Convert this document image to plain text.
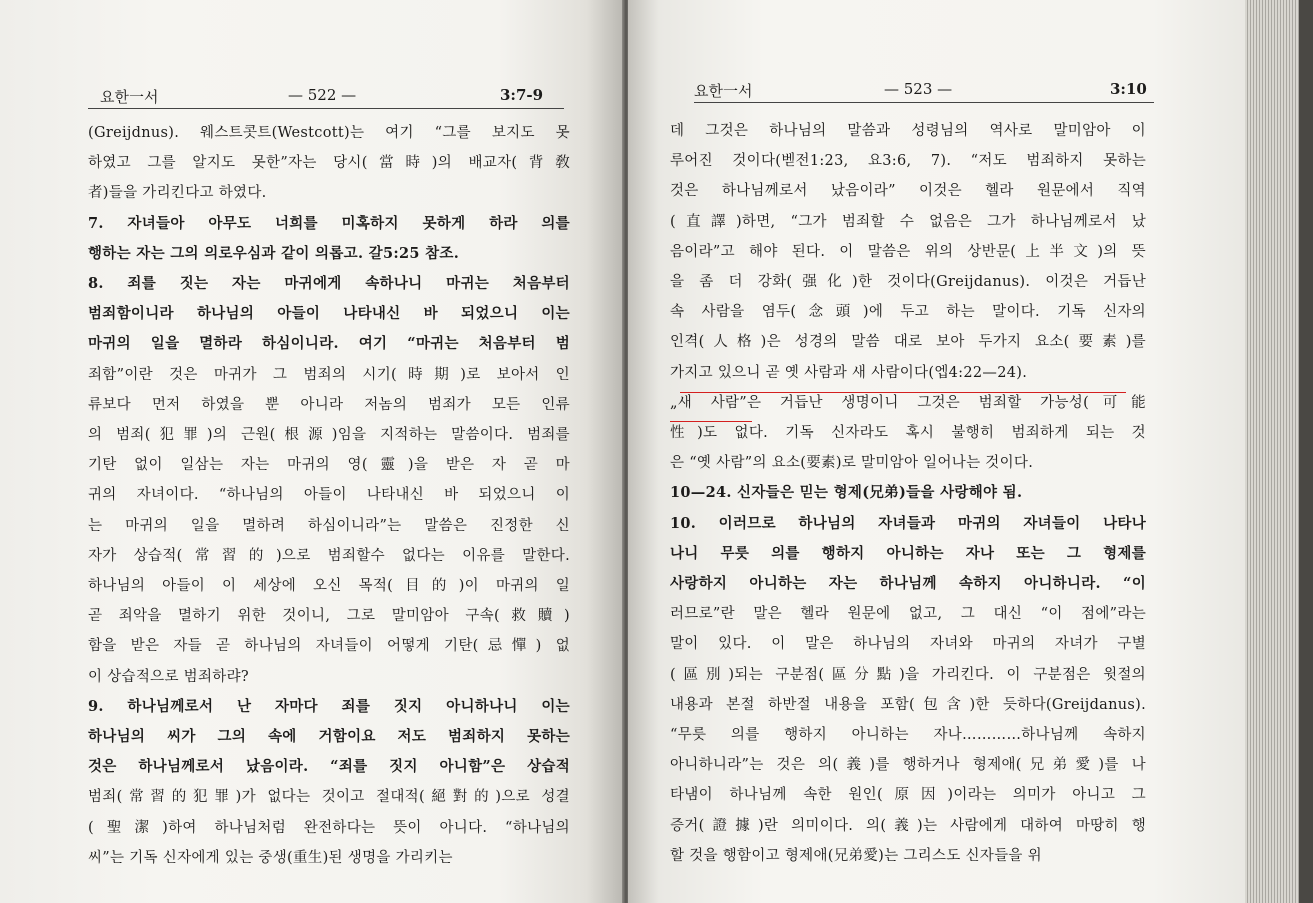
요한一서	— 522 —	3:7-9
(Greijdnus). 웨스트콧트(Westcott)는 여기 “그를 보지도 못
하였고 그를 알지도 못한”자는 당시(當時)의 배교자(背敎
者)들을 가리킨다고 하였다.
7. 자녀들아 아무도 너희를 미혹하지 못하게 하라 의를
행하는 자는 그의 의로우심과 같이 의롭고. 갈5:25 참조.
8. 죄를 짓는 자는 마귀에게 속하나니 마귀는 처음부터
범죄함이니라 하나님의 아들이 나타내신 바 되었으니 이는
마귀의 일을 멸하라 하심이니라. 여기 “마귀는 처음부터 범
죄함”이란 것은 마귀가 그 범죄의 시기(時期)로 보아서 인
류보다 먼저 하였을 뿐 아니라 저놈의 범죄가 모든 인류
의 범죄(犯罪)의 근원(根源)임을 지적하는 말씀이다. 범죄를
기탄 없이 일삼는 자는 마귀의 영(靈)을 받은 자 곧 마
귀의 자녀이다. “하나님의 아들이 나타내신 바 되었으니 이
는 마귀의 일을 멸하려 하심이니라”는 말씀은 진정한 신
자가 상습적(常習的)으로 범죄할수 없다는 이유를 말한다.
하나님의 아들이 이 세상에 오신 목적(目的)이 마귀의 일
곧 죄악을 멸하기 위한 것이니, 그로 말미암아 구속(救贖)
함을 받은 자들 곧 하나님의 자녀들이 어떻게 기탄(忌憚) 없
이 상습적으로 범죄하랴?
9. 하나님께로서 난 자마다 죄를 짓지 아니하나니 이는
하나님의 씨가 그의 속에 거함이요 저도 범죄하지 못하는
것은 하나님께로서 났음이라. “죄를 짓지 아니함”은 상습적
범죄(常習的犯罪)가 없다는 것이고 절대적(絕對的)으로 성결
(聖潔)하여 하나님처럼 완전하다는 뜻이 아니다. “하나님의
씨”는 기독 신자에게 있는 중생(重生)된 생명을 가리키는
요한一서	— 523 —	3:10
데 그것은 하나님의 말씀과 성령님의 역사로 말미암아 이
루어진 것이다(벧전1:23, 요3:6, 7). “저도 범죄하지 못하는
것은 하나님께로서 났음이라” 이것은 헬라 원문에서 직역
(直譯)하면, “그가 범죄할 수 없음은 그가 하나님께로서 났
음이라”고 해야 된다. 이 말씀은 위의 상반문(上半文)의 뜻
을 좀 더 강화(强化)한 것이다(Greijdanus). 이것은 거듭난
속 사람을 염두(念頭)에 두고 하는 말이다. 기독 신자의
인격(人格)은 성경의 말씀 대로 보아 두가지 요소(要素)를
가지고 있으니 곧 옛 사람과 새 사람이다(엡4:22—24).
„새 사람”은 거듭난 생명이니 그것은 범죄할 가능성(可能
性)도 없다. 기독 신자라도 혹시 불행히 범죄하게 되는 것
은 “옛 사람”의 요소(要素)로 말미암아 일어나는 것이다.
10—24. 신자들은 믿는 형제(兄弟)들을 사랑해야 됨.
10. 이러므로 하나님의 자녀들과 마귀의 자녀들이 나타나
나니 무릇 의를 행하지 아니하는 자나 또는 그 형제를
사랑하지 아니하는 자는 하나님께 속하지 아니하니라. “이
러므로”란 말은 헬라 원문에 없고, 그 대신 “이 점에”라는
말이 있다. 이 말은 하나님의 자녀와 마귀의 자녀가 구별
(區別)되는 구분점(區分點)을 가리킨다. 이 구분점은 윗절의
내용과 본절 하반절 내용을 포함(包含)한 듯하다(Greijdanus).
“무릇 의를 행하지 아니하는 자나…………하나님께 속하지
아니하니라”는 것은 의(義)를 행하거나 형제애(兄弟愛)를 나
타냄이 하나님께 속한 원인(原因)이라는 의미가 아니고 그
증거(證據)란 의미이다. 의(義)는 사람에게 대하여 마땅히 행
할 것을 행함이고 형제애(兄弟愛)는 그리스도 신자들을 위
